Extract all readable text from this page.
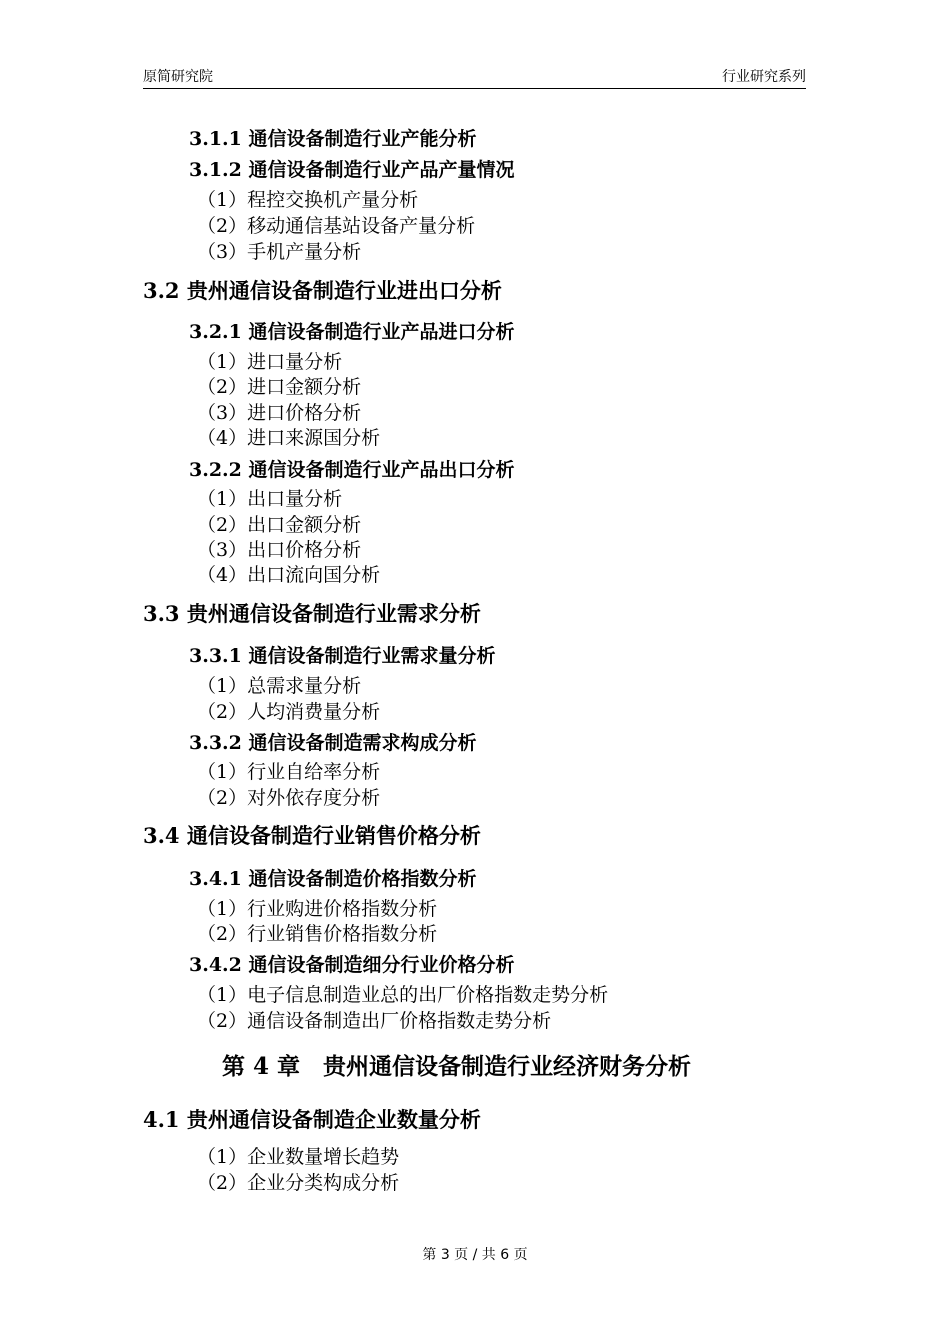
原简研究院	行业研究系列
3.1.1 通信设备制造行业产能分析
3.1.2 通信设备制造行业产品产量情况
（1）程控交换机产量分析
（2）移动通信基站设备产量分析
（3）手机产量分析
3.2 贵州通信设备制造行业进出口分析
3.2.1 通信设备制造行业产品进口分析
（1）进口量分析
（2）进口金额分析
（3）进口价格分析
（4）进口来源国分析
3.2.2 通信设备制造行业产品出口分析
（1）出口量分析
（2）出口金额分析
（3）出口价格分析
（4）出口流向国分析
3.3 贵州通信设备制造行业需求分析
3.3.1 通信设备制造行业需求量分析
（1）总需求量分析
（2）人均消费量分析
3.3.2 通信设备制造需求构成分析
（1）行业自给率分析
（2）对外依存度分析
3.4 通信设备制造行业销售价格分析
3.4.1 通信设备制造价格指数分析
（1）行业购进价格指数分析
（2）行业销售价格指数分析
3.4.2 通信设备制造细分行业价格分析
（1）电子信息制造业总的出厂价格指数走势分析
（2）通信设备制造出厂价格指数走势分析
第 4 章　贵州通信设备制造行业经济财务分析
4.1 贵州通信设备制造企业数量分析
（1）企业数量增长趋势
（2）企业分类构成分析
第 3 页 / 共 6 页
